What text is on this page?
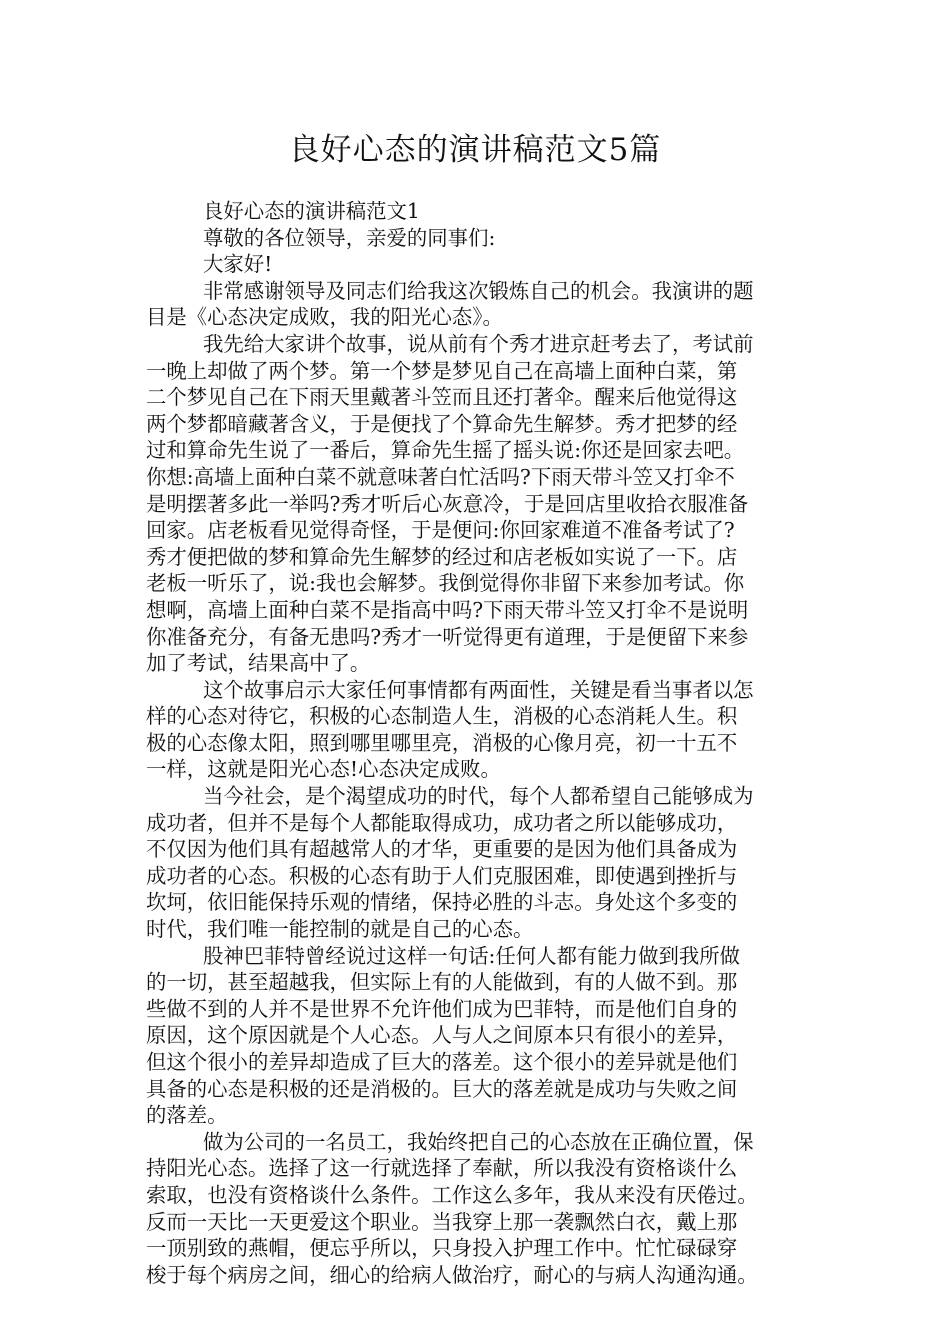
良好心态的演讲稿范文5篇
良好心态的演讲稿范文1
尊敬的各位领导，亲爱的同事们:
大家好!
非常感谢领导及同志们给我这次锻炼自己的机会。我演讲的题
目是《心态决定成败，我的阳光心态》。
我先给大家讲个故事，说从前有个秀才进京赶考去了，考试前
一晚上却做了两个梦。第一个梦是梦见自己在高墙上面种白菜，第
二个梦见自己在下雨天里戴著斗笠而且还打著伞。醒来后他觉得这
两个梦都暗藏著含义，于是便找了个算命先生解梦。秀才把梦的经
过和算命先生说了一番后，算命先生摇了摇头说:你还是回家去吧。
你想:高墙上面种白菜不就意味著白忙活吗?下雨天带斗笠又打伞不
是明摆著多此一举吗?秀才听后心灰意冷，于是回店里收拾衣服准备
回家。店老板看见觉得奇怪，于是便问:你回家难道不准备考试了?
秀才便把做的梦和算命先生解梦的经过和店老板如实说了一下。店
老板一听乐了，说:我也会解梦。我倒觉得你非留下来参加考试。你
想啊，高墙上面种白菜不是指高中吗?下雨天带斗笠又打伞不是说明
你准备充分，有备无患吗?秀才一听觉得更有道理，于是便留下来参
加了考试，结果高中了。
这个故事启示大家任何事情都有两面性，关键是看当事者以怎
样的心态对待它，积极的心态制造人生，消极的心态消耗人生。积
极的心态像太阳，照到哪里哪里亮，消极的心像月亮，初一十五不
一样，这就是阳光心态!心态决定成败。
当今社会，是个渴望成功的时代，每个人都希望自己能够成为
成功者，但并不是每个人都能取得成功，成功者之所以能够成功，
不仅因为他们具有超越常人的才华，更重要的是因为他们具备成为
成功者的心态。积极的心态有助于人们克服困难，即使遇到挫折与
坎坷，依旧能保持乐观的情绪，保持必胜的斗志。身处这个多变的
时代，我们唯一能控制的就是自己的心态。
股神巴菲特曾经说过这样一句话:任何人都有能力做到我所做
的一切，甚至超越我，但实际上有的人能做到，有的人做不到。那
些做不到的人并不是世界不允许他们成为巴菲特，而是他们自身的
原因，这个原因就是个人心态。人与人之间原本只有很小的差异，
但这个很小的差异却造成了巨大的落差。这个很小的差异就是他们
具备的心态是积极的还是消极的。巨大的落差就是成功与失败之间
的落差。
做为公司的一名员工，我始终把自己的心态放在正确位置，保
持阳光心态。选择了这一行就选择了奉献，所以我没有资格谈什么
索取，也没有资格谈什么条件。工作这么多年，我从来没有厌倦过。
反而一天比一天更爱这个职业。当我穿上那一袭飘然白衣，戴上那
一顶别致的燕帽，便忘乎所以，只身投入护理工作中。忙忙碌碌穿
梭于每个病房之间，细心的给病人做治疗，耐心的与病人沟通沟通。
